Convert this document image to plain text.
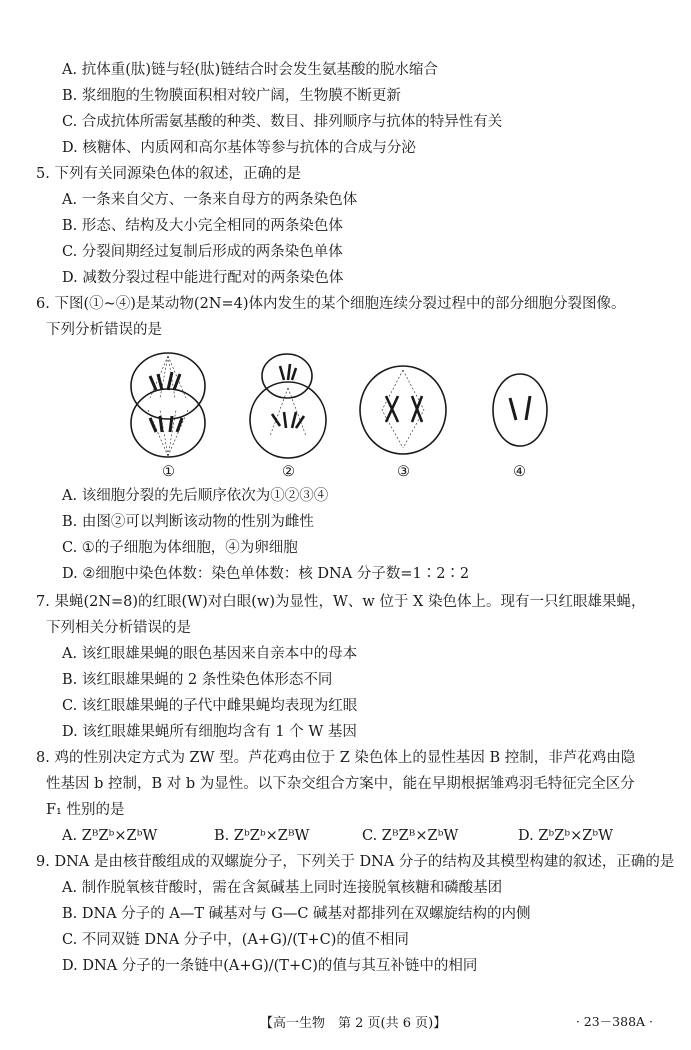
A. 抗体重(肽)链与轻(肽)链结合时会发生氨基酸的脱水缩合
B. 浆细胞的生物膜面积相对较广阔，生物膜不断更新
C. 合成抗体所需氨基酸的种类、数目、排列顺序与抗体的特异性有关
D. 核糖体、内质网和高尔基体等参与抗体的合成与分泌
5. 下列有关同源染色体的叙述，正确的是
A. 一条来自父方、一条来自母方的两条染色体
B. 形态、结构及大小完全相同的两条染色体
C. 分裂间期经过复制后形成的两条染色单体
D. 减数分裂过程中能进行配对的两条染色体
6. 下图(①~④)是某动物(2N=4)体内发生的某个细胞连续分裂过程中的部分细胞分裂图像。
下列分析错误的是
①	②	③	④
A. 该细胞分裂的先后顺序依次为①②③④
B. 由图②可以判断该动物的性别为雌性
C. ①的子细胞为体细胞，④为卵细胞
D. ②细胞中染色体数：染色单体数：核 DNA 分子数=1∶2∶2
7. 果蝇(2N=8)的红眼(W)对白眼(w)为显性，W、w 位于 X 染色体上。现有一只红眼雄果蝇，
下列相关分析错误的是
A. 该红眼雄果蝇的眼色基因来自亲本中的母本
B. 该红眼雄果蝇的 2 条性染色体形态不同
C. 该红眼雄果蝇的子代中雌果蝇均表现为红眼
D. 该红眼雄果蝇所有细胞均含有 1 个 W 基因
8. 鸡的性别决定方式为 ZW 型。芦花鸡由位于 Z 染色体上的显性基因 B 控制，非芦花鸡由隐
性基因 b 控制，B 对 b 为显性。以下杂交组合方案中，能在早期根据雏鸡羽毛特征完全区分
F₁ 性别的是
A. ZᴮZᵇ×ZᵇW	B. ZᵇZᵇ×ZᴮW	C. ZᴮZᴮ×ZᵇW	D. ZᵇZᵇ×ZᵇW
9. DNA 是由核苷酸组成的双螺旋分子，下列关于 DNA 分子的结构及其模型构建的叙述，正确的是
A. 制作脱氧核苷酸时，需在含氮碱基上同时连接脱氧核糖和磷酸基团
B. DNA 分子的 A—T 碱基对与 G—C 碱基对都排列在双螺旋结构的内侧
C. 不同双链 DNA 分子中，(A+G)/(T+C)的值不相同
D. DNA 分子的一条链中(A+G)/(T+C)的值与其互补链中的相同
【高一生物　第 2 页(共 6 页)】	· 23－388A ·
